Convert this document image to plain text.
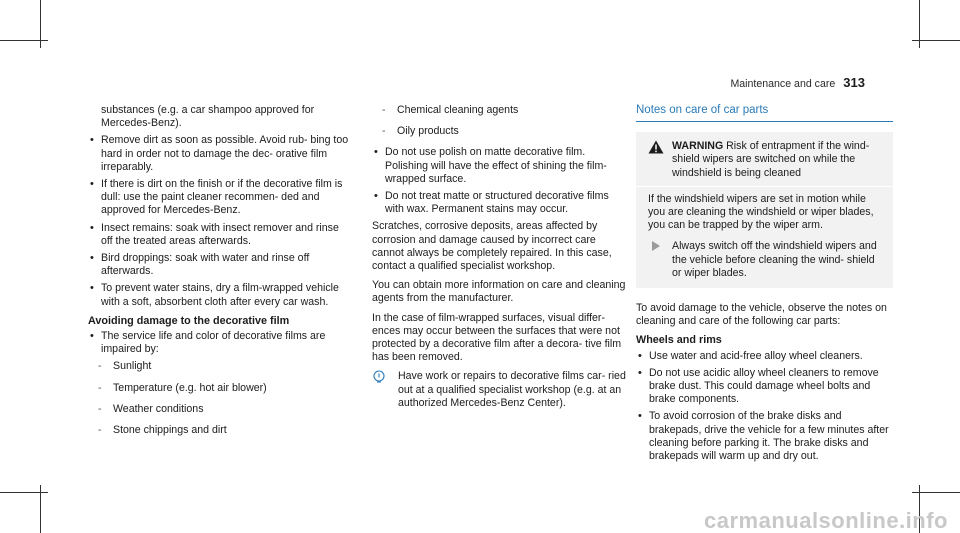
Maintenance and care 313

substances (e.g. a car shampoo approved for Mercedes-Benz).

• Remove dirt as soon as possible. Avoid rub- bing too hard in order not to damage the dec- orative film irreparably.

• If there is dirt on the finish or if the decorative film is dull: use the paint cleaner recommen- ded and approved for Mercedes-Benz.

• Insect remains: soak with insect remover and rinse off the treated areas afterwards.

• Bird droppings: soak with water and rinse off afterwards.

• To prevent water stains, dry a film-wrapped vehicle with a soft, absorbent cloth after every car wash.

Avoiding damage to the decorative film

• The service life and color of decorative films are impaired by:

- Sunlight

- Temperature (e.g. hot air blower)

- Weather conditions

- Stone chippings and dirt

- Chemical cleaning agents

- Oily products

• Do not use polish on matte decorative film. Polishing will have the effect of shining the film-wrapped surface.

• Do not treat matte or structured decorative films with wax. Permanent stains may occur.

Scratches, corrosive deposits, areas affected by corrosion and damage caused by incorrect care cannot always be completely repaired. In this case, contact a qualified specialist workshop.

You can obtain more information on care and cleaning agents from the manufacturer.

In the case of film-wrapped surfaces, visual differ- ences may occur between the surfaces that were not protected by a decorative film after a decora- tive film has been removed.

Have work or repairs to decorative films car- ried out at a qualified specialist workshop (e.g. at an authorized Mercedes-Benz Center).

Notes on care of car parts

WARNING Risk of entrapment if the wind- shield wipers are switched on while the windshield is being cleaned

If the windshield wipers are set in motion while you are cleaning the windshield or wiper blades, you can be trapped by the wiper arm.

Always switch off the windshield wipers and the vehicle before cleaning the wind- shield or wiper blades.

To avoid damage to the vehicle, observe the notes on cleaning and care of the following car parts:

Wheels and rims

• Use water and acid-free alloy wheel cleaners.

• Do not use acidic alloy wheel cleaners to remove brake dust. This could damage wheel bolts and brake components.

• To avoid corrosion of the brake disks and brakepads, drive the vehicle for a few minutes after cleaning before parking it. The brake disks and brakepads will warm up and dry out.

carmanualsonline.info
